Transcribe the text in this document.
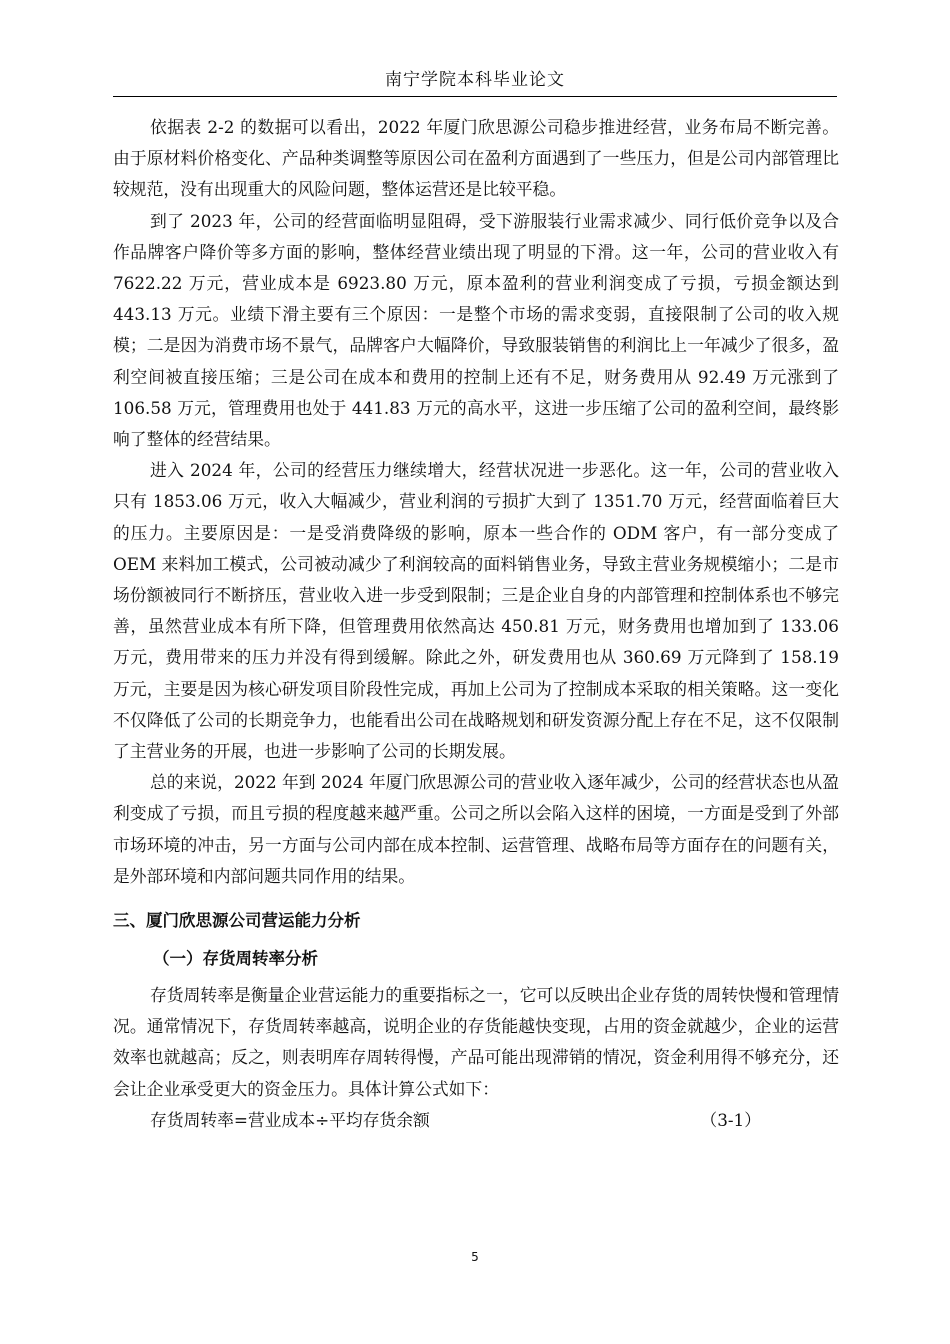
南宁学院本科毕业论文

依据表 2-2 的数据可以看出，2022 年厦门欣思源公司稳步推进经营，业务布局不断完善。由于原材料价格变化、产品种类调整等原因公司在盈利方面遇到了一些压力，但是公司内部管理比较规范，没有出现重大的风险问题，整体运营还是比较平稳。

到了 2023 年，公司的经营面临明显阻碍，受下游服装行业需求减少、同行低价竞争以及合作品牌客户降价等多方面的影响，整体经营业绩出现了明显的下滑。这一年，公司的营业收入有 7622.22 万元，营业成本是 6923.80 万元，原本盈利的营业利润变成了亏损，亏损金额达到 443.13 万元。业绩下滑主要有三个原因：一是整个市场的需求变弱，直接限制了公司的收入规模；二是因为消费市场不景气，品牌客户大幅降价，导致服装销售的利润比上一年减少了很多，盈利空间被直接压缩；三是公司在成本和费用的控制上还有不足，财务费用从 92.49 万元涨到了 106.58 万元，管理费用也处于 441.83 万元的高水平，这进一步压缩了公司的盈利空间，最终影响了整体的经营结果。

进入 2024 年，公司的经营压力继续增大，经营状况进一步恶化。这一年，公司的营业收入只有 1853.06 万元，收入大幅减少，营业利润的亏损扩大到了 1351.70 万元，经营面临着巨大的压力。主要原因是：一是受消费降级的影响，原本一些合作的 ODM 客户，有一部分变成了 OEM 来料加工模式，公司被动减少了利润较高的面料销售业务，导致主营业务规模缩小；二是市场份额被同行不断挤压，营业收入进一步受到限制；三是企业自身的内部管理和控制体系也不够完善，虽然营业成本有所下降，但管理费用依然高达 450.81 万元，财务费用也增加到了 133.06 万元，费用带来的压力并没有得到缓解。除此之外，研发费用也从 360.69 万元降到了 158.19 万元，主要是因为核心研发项目阶段性完成，再加上公司为了控制成本采取的相关策略。这一变化不仅降低了公司的长期竞争力，也能看出公司在战略规划和研发资源分配上存在不足，这不仅限制了主营业务的开展，也进一步影响了公司的长期发展。

总的来说，2022 年到 2024 年厦门欣思源公司的营业收入逐年减少，公司的经营状态也从盈利变成了亏损，而且亏损的程度越来越严重。公司之所以会陷入这样的困境，一方面是受到了外部市场环境的冲击，另一方面与公司内部在成本控制、运营管理、战略布局等方面存在的问题有关，是外部环境和内部问题共同作用的结果。

三、厦门欣思源公司营运能力分析
（一）存货周转率分析

存货周转率是衡量企业营运能力的重要指标之一，它可以反映出企业存货的周转快慢和管理情况。通常情况下，存货周转率越高，说明企业的存货能越快变现，占用的资金就越少，企业的运营效率也就越高；反之，则表明库存周转得慢，产品可能出现滞销的情况，资金利用得不够充分，还会让企业承受更大的资金压力。具体计算公式如下：

存货周转率=营业成本÷平均存货余额	（3-1）
5
